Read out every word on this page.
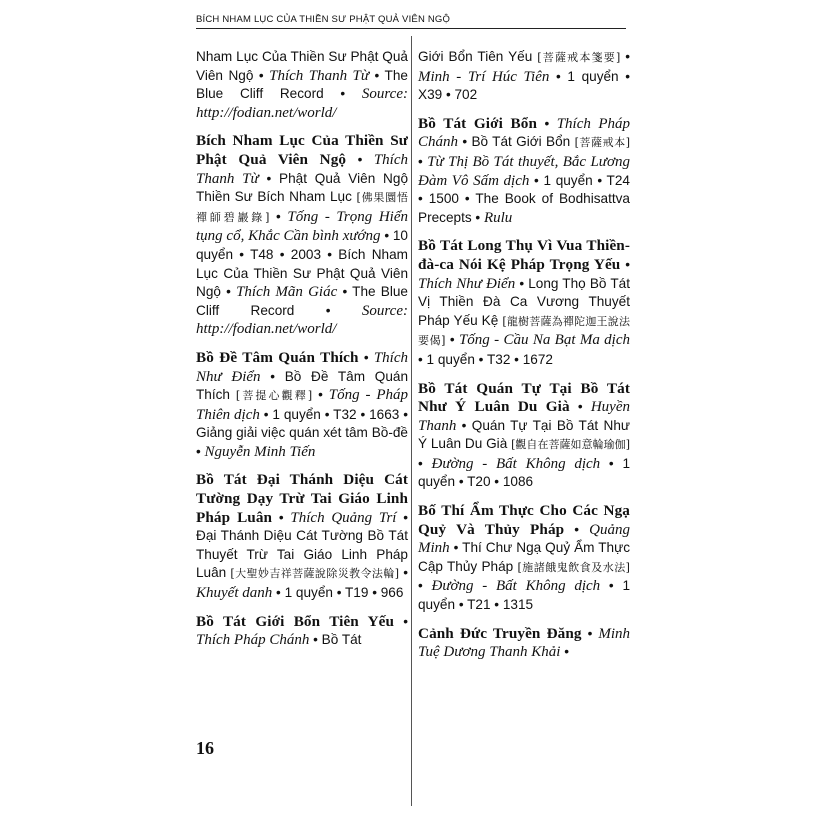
BÍCH NHAM LỤC CỦA THIỀN SƯ PHẬT QUẢ VIÊN NGỘ
Nham Lục Của Thiền Sư Phật Quả Viên Ngộ • Thích Thanh Từ • The Blue Cliff Record • Source: http://fodian.net/world/
Bích Nham Lục Của Thiền Sư Phật Quả Viên Ngộ • Thích Thanh Từ • Phật Quả Viên Ngộ Thiền Sư Bích Nham Lục [佛果圜悟禪師碧巖錄] • Tống - Trọng Hiển tụng cổ, Khắc Cần bình xướng • 10 quyển • T48 • 2003 • Bích Nham Lục Của Thiền Sư Phật Quả Viên Ngộ • Thích Mãn Giác • The Blue Cliff Record • Source: http://fodian.net/world/
Bồ Đề Tâm Quán Thích • Thích Như Điển • Bồ Đề Tâm Quán Thích [菩提心觀釋] • Tống - Pháp Thiên dịch • 1 quyển • T32 • 1663 • Giảng giải việc quán xét tâm Bồ-đề • Nguyễn Minh Tiến
Bồ Tát Đại Thánh Diệu Cát Tường Dạy Trừ Tai Giáo Linh Pháp Luân • Thích Quảng Trí • Đại Thánh Diệu Cát Tường Bồ Tát Thuyết Trừ Tai Giáo Linh Pháp Luân [大聖妙吉祥菩薩說除災教令法輪] • Khuyết danh • 1 quyển • T19 • 966
Bồ Tát Giới Bổn Tiên Yếu • Thích Pháp Chánh • Bồ Tát
Giới Bổn Tiên Yếu [菩薩戒本箋要] • Minh - Trí Húc Tiên • 1 quyển • X39 • 702
Bồ Tát Giới Bổn • Thích Pháp Chánh • Bồ Tát Giới Bổn [菩薩戒本] • Từ Thị Bồ Tát thuyết, Bắc Lương Đàm Vô Sấm dịch • 1 quyển • T24 • 1500 • The Book of Bodhisattva Precepts • Rulu
Bồ Tát Long Thụ Vì Vua Thiền-đà-ca Nói Kệ Pháp Trọng Yếu • Thích Như Điển • Long Thọ Bồ Tát Vị Thiền Đà Ca Vương Thuyết Pháp Yếu Kệ [龍樹菩薩為禪陀迦王說法要偈] • Tống - Cầu Na Bạt Ma dịch • 1 quyển • T32 • 1672
Bồ Tát Quán Tự Tại Bồ Tát Như Ý Luân Du Già • Huyền Thanh • Quán Tự Tại Bồ Tát Như Ý Luân Du Già [觀自在菩薩如意輪瑜伽] • Đường - Bất Không dịch • 1 quyển • T20 • 1086
Bố Thí Ẩm Thực Cho Các Ngạ Quỷ Và Thủy Pháp • Quảng Minh • Thí Chư Ngạ Quỷ Ẩm Thực Cập Thủy Pháp [施諸餓鬼飲食及水法] • Đường - Bất Không dịch • 1 quyển • T21 • 1315
Cảnh Đức Truyền Đăng • Minh Tuệ Dương Thanh Khải •
16
